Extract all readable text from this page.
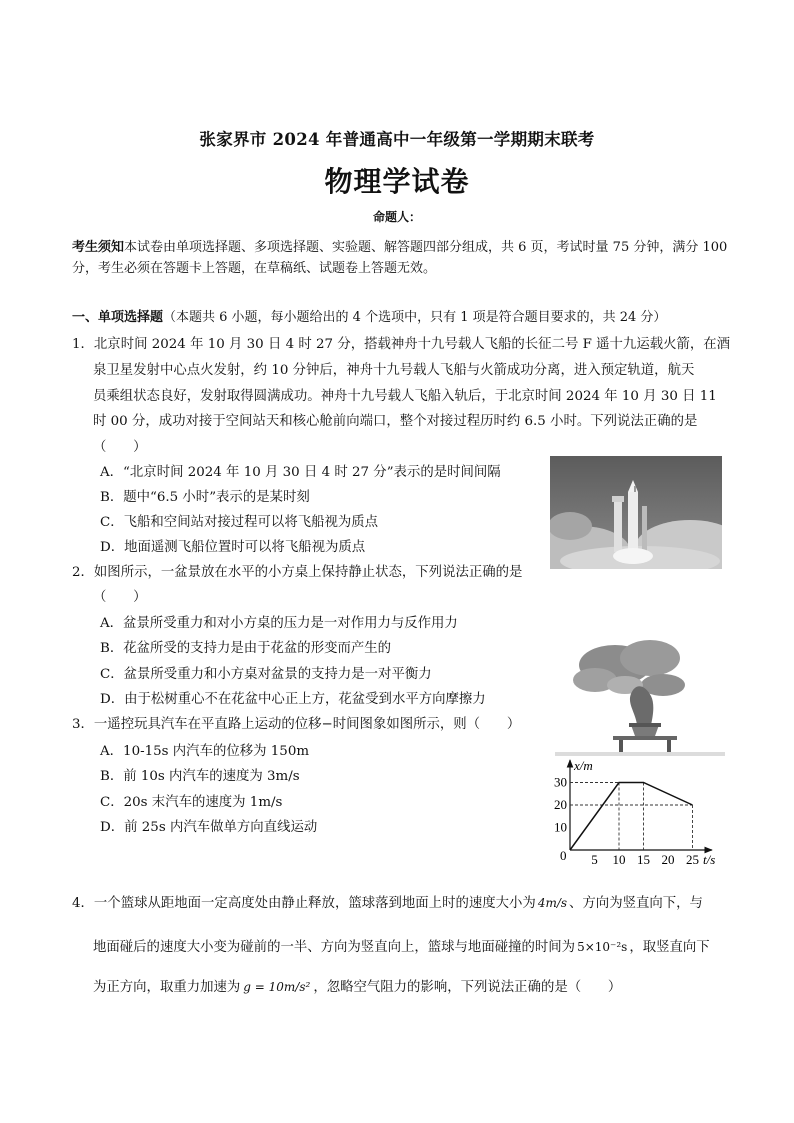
张家界市 2024 年普通高中一年级第一学期期末联考
物理学试卷
命题人：
考生须知本试卷由单项选择题、多项选择题、实验题、解答题四部分组成，共 6 页，考试时量 75 分钟，满分 100
分，考生必须在答题卡上答题，在草稿纸、试题卷上答题无效。
一、单项选择题（本题共 6 小题，每小题给出的 4 个选项中，只有 1 项是符合题目要求的，共 24 分）
1．北京时间 2024 年 10 月 30 日 4 时 27 分，搭载神舟十九号载人飞船的长征二号 F 遥十九运载火箭，在酒
泉卫星发射中心点火发射，约 10 分钟后，神舟十九号载人飞船与火箭成功分离，进入预定轨道，航天
员乘组状态良好，发射取得圆满成功。神舟十九号载人飞船入轨后，于北京时间 2024 年 10 月 30 日 11
时 00 分，成功对接于空间站天和核心舱前向端口，整个对接过程历时约 6.5 小时。下列说法正确的是
（　　）
A．“北京时间 2024 年 10 月 30 日 4 时 27 分”表示的是时间间隔
B．题中“6.5 小时”表示的是某时刻
C．飞船和空间站对接过程可以将飞船视为质点
D．地面遥测飞船位置时可以将飞船视为质点
2．如图所示，一盆景放在水平的小方桌上保持静止状态，下列说法正确的是
（　　）
A．盆景所受重力和对小方桌的压力是一对作用力与反作用力
B．花盆所受的支持力是由于花盆的形变而产生的
C．盆景所受重力和小方桌对盆景的支持力是一对平衡力
D．由于松树重心不在花盆中心正上方，花盆受到水平方向摩擦力
3．一遥控玩具汽车在平直路上运动的位移−时间图象如图所示，则（　　）
A．10-15s 内汽车的位移为 150m
B．前 10s 内汽车的速度为 3m/s
C．20s 末汽车的速度为 1m/s
D．前 25s 内汽车做单方向直线运动
x/m
t/s
0 5 10 15 20 25
10
20
30
4．一个篮球从距地面一定高度处由静止释放，篮球落到地面上时的速度大小为 4m/s 、方向为竖直向下，与
地面碰后的速度大小变为碰前的一半、方向为竖直向上，篮球与地面碰撞的时间为 5×10⁻²s ，取竖直向下
为正方向，取重力加速为 g = 10m/s² ，忽略空气阻力的影响，下列说法正确的是（　　）
